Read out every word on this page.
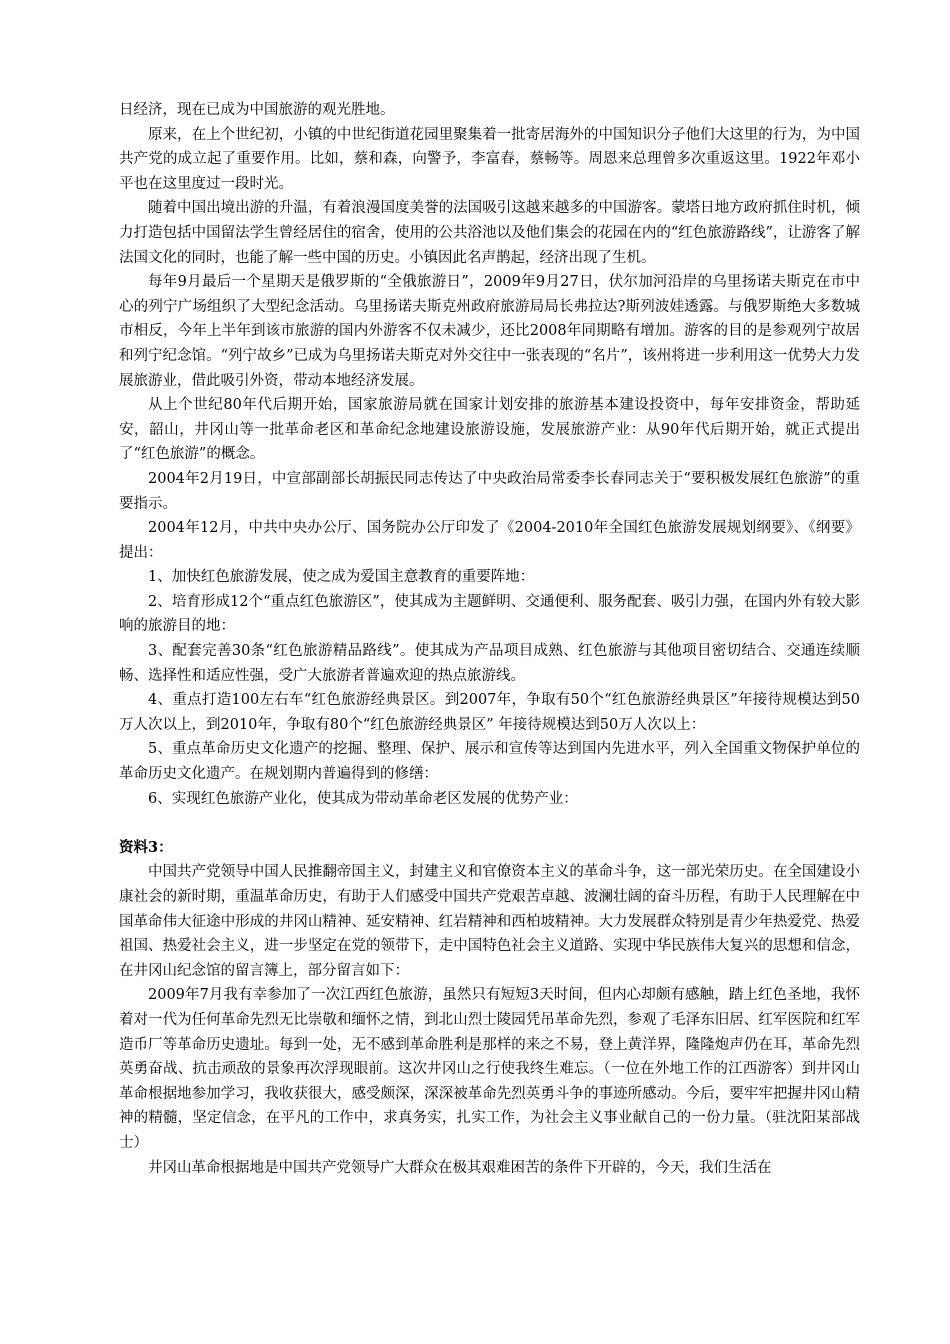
日经济，现在已成为中国旅游的观光胜地。

原来，在上个世纪初，小镇的中世纪街道花园里聚集着一批寄居海外的中国知识分子他们大这里的行为，为中国共产党的成立起了重要作用。比如，蔡和森，向警予，李富春，蔡畅等。周恩来总理曾多次重返这里。1922年邓小平也在这里度过一段时光。

随着中国出境出游的升温，有着浪漫国度美誉的法国吸引这越来越多的中国游客。蒙塔日地方政府抓住时机，倾力打造包括中国留法学生曾经居住的宿舍，使用的公共浴池以及他们集会的花园在内的“红色旅游路线”，让游客了解法国文化的同时，也能了解一些中国的历史。小镇因此名声鹊起，经济出现了生机。

每年9月最后一个星期天是俄罗斯的“全俄旅游日”，2009年9月27日，伏尔加河沿岸的乌里扬诺夫斯克在市中心的列宁广场组织了大型纪念活动。乌里扬诺夫斯克州政府旅游局局长弗拉达?斯列波娃透露。与俄罗斯绝大多数城市相反，今年上半年到该市旅游的国内外游客不仅未减少，还比2008年同期略有增加。游客的目的是参观列宁故居和列宁纪念馆。“列宁故乡”已成为乌里扬诺夫斯克对外交往中一张表现的“名片”，该州将进一步利用这一优势大力发展旅游业，借此吸引外资，带动本地经济发展。

从上个世纪80年代后期开始，国家旅游局就在国家计划安排的旅游基本建设投资中，每年安排资金，帮助延安，韶山，井冈山等一批革命老区和革命纪念地建设旅游设施，发展旅游产业：从90年代后期开始，就正式提出了“红色旅游”的概念。

2004年2月19日，中宣部副部长胡振民同志传达了中央政治局常委李长春同志关于“要积极发展红色旅游”的重要指示。

2004年12月，中共中央办公厅、国务院办公厅印发了《2004-2010年全国红色旅游发展规划纲要》、《纲要》提出：

1、加快红色旅游发展，使之成为爱国主意教育的重要阵地：

2、培育形成12个“重点红色旅游区”，使其成为主题鲜明、交通便利、服务配套、吸引力强，在国内外有较大影响的旅游目的地：

3、配套完善30条“红色旅游精品路线”。使其成为产品项目成熟、红色旅游与其他项目密切结合、交通连续顺畅、选择性和适应性强，受广大旅游者普遍欢迎的热点旅游线。

4、重点打造100左右车“红色旅游经典景区。到2007年，争取有50个“红色旅游经典景区”年接待规模达到50万人次以上，到2010年，争取有80个“红色旅游经典景区” 年接待规模达到50万人次以上：

5、重点革命历史文化遗产的挖掘、整理、保护、展示和宣传等达到国内先进水平，列入全国重文物保护单位的革命历史文化遗产。在规划期内普遍得到的修缮：

6、实现红色旅游产业化，使其成为带动革命老区发展的优势产业：

资料3：

中国共产党领导中国人民推翻帝国主义，封建主义和官僚资本主义的革命斗争，这一部光荣历史。在全国建设小康社会的新时期，重温革命历史，有助于人们感受中国共产党艰苦卓越、波澜壮阔的奋斗历程，有助于人民理解在中国革命伟大征途中形成的井冈山精神、延安精神、红岩精神和西柏坡精神。大力发展群众特别是青少年热爱党、热爱祖国、热爱社会主义，进一步坚定在党的领带下，走中国特色社会主义道路、实现中华民族伟大复兴的思想和信念，在井冈山纪念馆的留言簿上，部分留言如下：

2009年7月我有幸参加了一次江西红色旅游，虽然只有短短3天时间，但内心却颇有感触，踏上红色圣地，我怀着对一代为任何革命先烈无比崇敬和缅怀之情，到北山烈士陵园凭吊革命先烈，参观了毛泽东旧居、红军医院和红军造币厂等革命历史遗址。每到一处，无不感到革命胜利是那样的来之不易，登上黄洋界，隆隆炮声仍在耳，革命先烈英勇奋战、抗击顽敌的景象再次浮现眼前。这次井冈山之行使我终生难忘。（一位在外地工作的江西游客）到井冈山革命根据地参加学习，我收获很大，感受颇深，深深被革命先烈英勇斗争的事迹所感动。今后，要牢牢把握井冈山精神的精髓，坚定信念，在平凡的工作中，求真务实，扎实工作，为社会主义事业献自己的一份力量。（驻沈阳某部战士）

井冈山革命根据地是中国共产党领导广大群众在极其艰难困苦的条件下开辟的，今天，我们生活在
